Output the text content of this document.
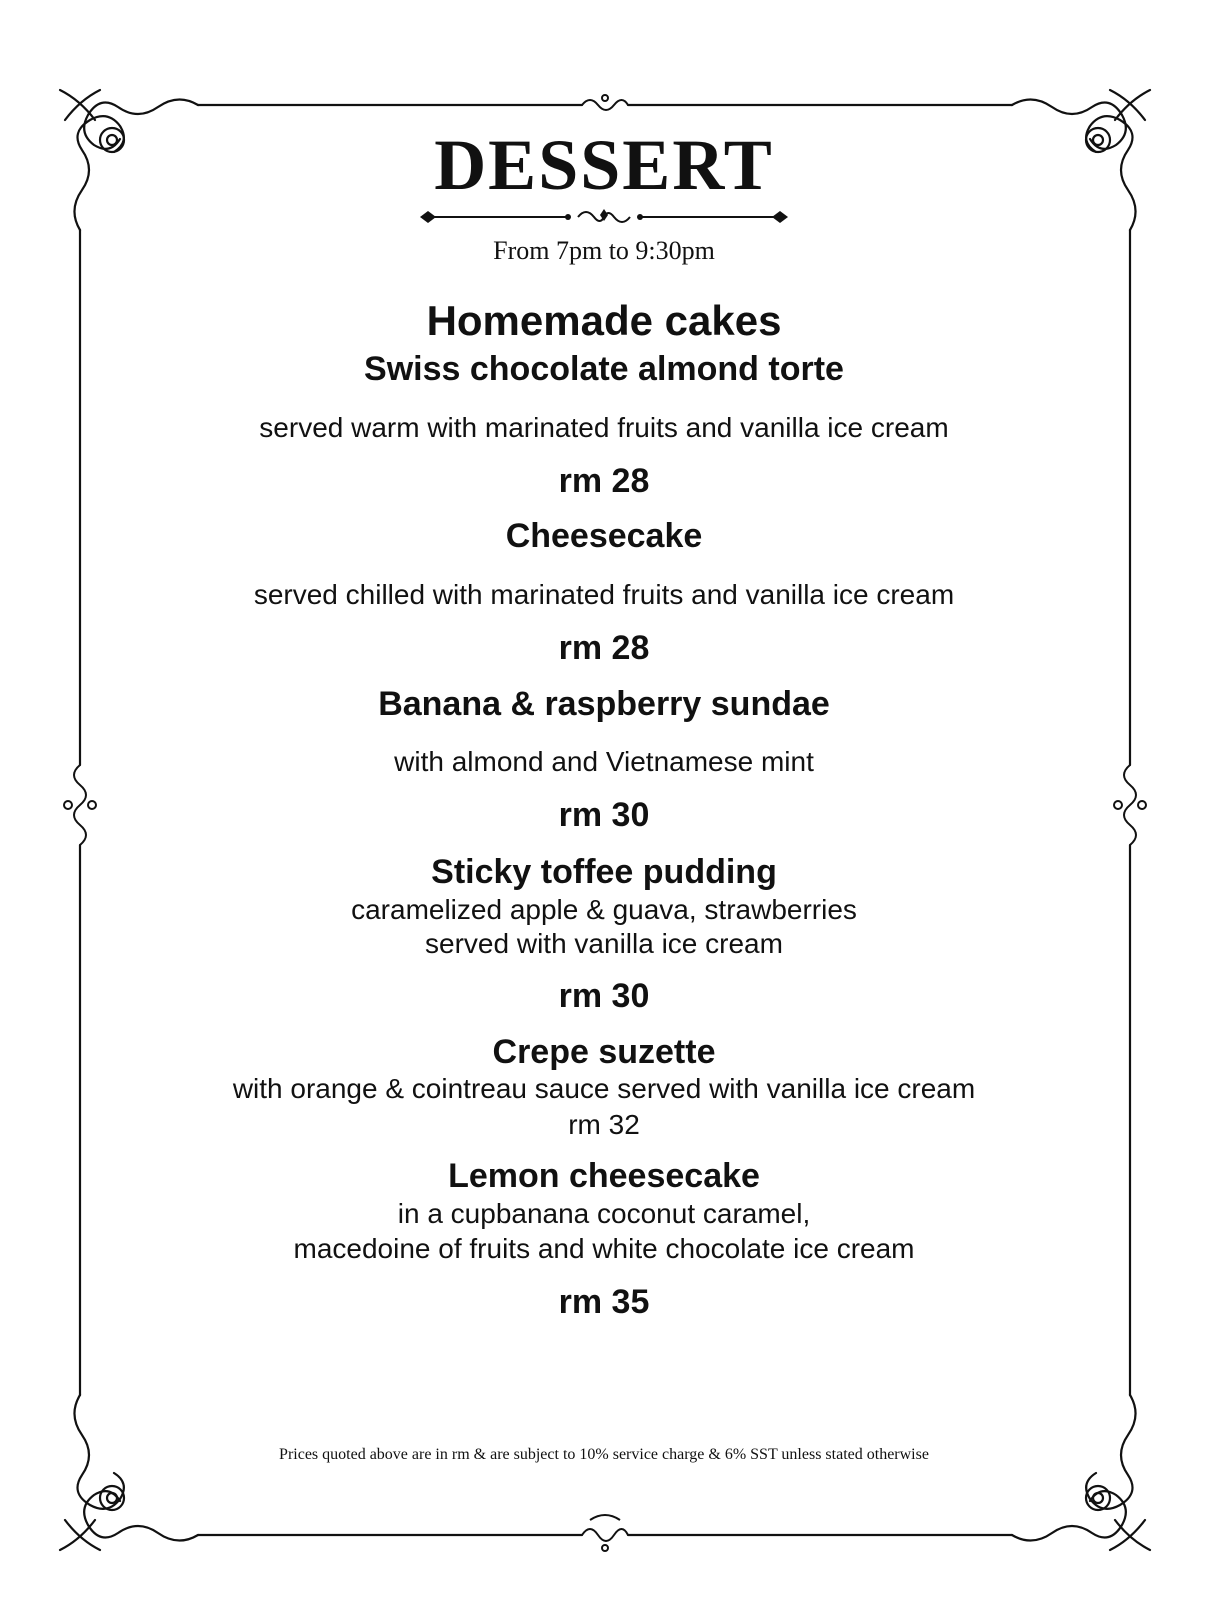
DESSERT
From 7pm to 9:30pm
Homemade cakes
Swiss chocolate almond torte
served warm with marinated fruits and vanilla ice cream
rm 28
Cheesecake
served chilled with marinated fruits and vanilla ice cream
rm 28
Banana & raspberry sundae
with almond and Vietnamese mint
rm 30
Sticky toffee pudding
caramelized apple & guava, strawberries
served with vanilla ice cream
rm 30
Crepe suzette
with orange & cointreau sauce served with vanilla ice cream
rm 32
Lemon cheesecake
in a cupbanana coconut caramel,
macedoine of fruits and white chocolate ice cream
rm 35
Prices quoted above are in rm & are subject to 10% service charge & 6% SST unless stated otherwise
